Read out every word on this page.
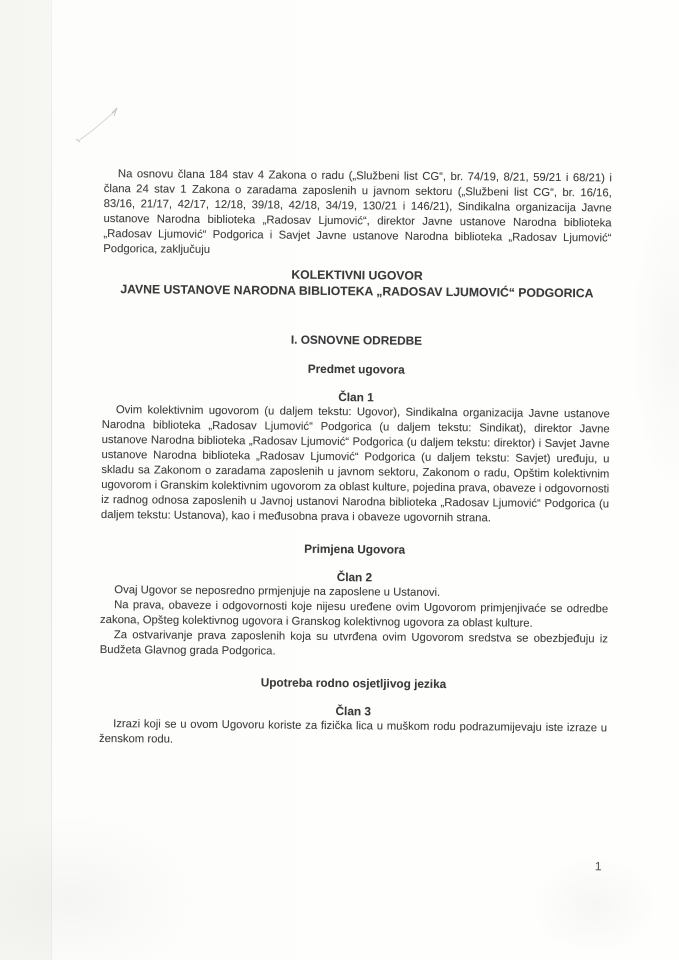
Na osnovu člana 184 stav 4 Zakona o radu („Službeni list CG“, br. 74/19, 8/21, 59/21 i 68/21) i člana 24 stav 1 Zakona o zaradama zaposlenih u javnom sektoru („Službeni list CG“, br. 16/16, 83/16, 21/17, 42/17, 12/18, 39/18, 42/18, 34/19, 130/21 i 146/21), Sindikalna organizacija Javne ustanove Narodna biblioteka „Radosav Ljumović“, direktor Javne ustanove Narodna biblioteka „Radosav Ljumović“ Podgorica i Savjet Javne ustanove Narodna biblioteka „Radosav Ljumović“ Podgorica, zaključuju

KOLEKTIVNI UGOVOR
JAVNE USTANOVE NARODNA BIBLIOTEKA „RADOSAV LJUMOVIĆ“ PODGORICA
I. OSNOVNE ODREDBE
Predmet ugovora
Član 1

Ovim kolektivnim ugovorom (u daljem tekstu: Ugovor), Sindikalna organizacija Javne ustanove Narodna biblioteka „Radosav Ljumović“ Podgorica (u daljem tekstu: Sindikat), direktor Javne ustanove Narodna biblioteka „Radosav Ljumović“ Podgorica (u daljem tekstu: direktor) i Savjet Javne ustanove Narodna biblioteka „Radosav Ljumović“ Podgorica (u daljem tekstu: Savjet) uređuju, u skladu sa Zakonom o zaradama zaposlenih u javnom sektoru, Zakonom o radu, Opštim kolektivnim ugovorom i Granskim kolektivnim ugovorom za oblast kulture, pojedina prava, obaveze i odgovornosti iz radnog odnosa zaposlenih u Javnoj ustanovi Narodna biblioteka „Radosav Ljumović“ Podgorica (u daljem tekstu: Ustanova), kao i međusobna prava i obaveze ugovornih strana.

Primjena Ugovora
Član 2

Ovaj Ugovor se neposredno prmjenjuje na zaposlene u Ustanovi.

Na prava, obaveze i odgovornosti koje nijesu uređene ovim Ugovorom primjenjivaće se odredbe zakona, Opšteg kolektivnog ugovora i Granskog kolektivnog ugovora za oblast kulture.

Za ostvarivanje prava zaposlenih koja su utvrđena ovim Ugovorom sredstva se obezbjeđuju iz Budžeta Glavnog grada Podgorica.

Upotreba rodno osjetljivog jezika
Član 3

Izrazi koji se u ovom Ugovoru koriste za fizička lica u muškom rodu podrazumijevaju iste izraze u ženskom rodu.

1
